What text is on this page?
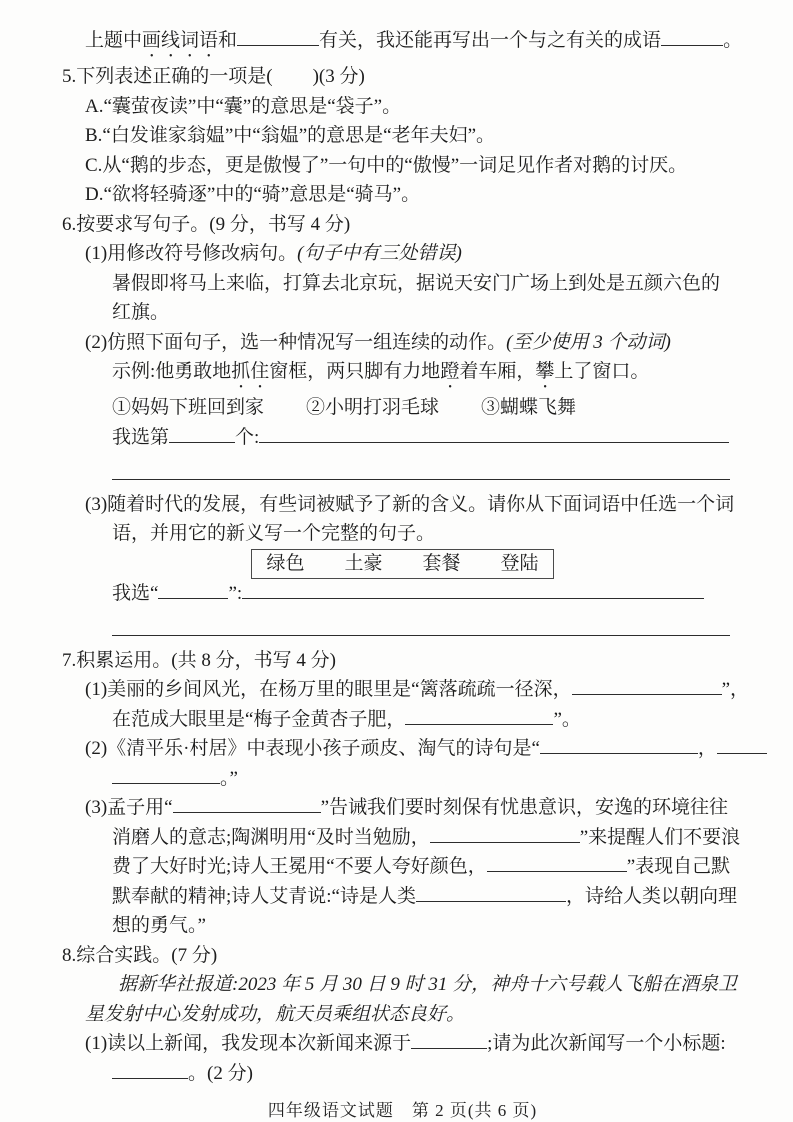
上题中画线词语和	有关，我还能再写出一个与之有关的成语	。
5.下列表述正确的一项是( )(3 分)
A.“囊萤夜读”中“囊”的意思是“袋子”。
B.“白发谁家翁媪”中“翁媪”的意思是“老年夫妇”。
C.从“鹅的步态，更是傲慢了”一句中的“傲慢”一词足见作者对鹅的讨厌。
D.“欲将轻骑逐”中的“骑”意思是“骑马”。
6.按要求写句子。(9 分，书写 4 分)
(1)用修改符号修改病句。(句子中有三处错误)
暑假即将马上来临，打算去北京玩，据说天安门广场上到处是五颜六色的
红旗。
(2)仿照下面句子，选一种情况写一组连续的动作。(至少使用 3 个动词)
示例:他勇敢地抓住窗框，两只脚有力地蹬着车厢，攀上了窗口。
①妈妈下班回到家 ②小明打羽毛球 ③蝴蝶飞舞
我选第	个:
(3)随着时代的发展，有些词被赋予了新的含义。请你从下面词语中任选一个词
语，并用它的新义写一个完整的句子。
绿色 土豪 套餐 登陆
我选“	”:
7.积累运用。(共 8 分，书写 4 分)
(1)美丽的乡间风光，在杨万里的眼里是“篱落疏疏一径深，	”，
在范成大眼里是“梅子金黄杏子肥，	”。
(2)《清平乐·村居》中表现小孩子顽皮、淘气的诗句是“	，
。”
(3)孟子用“	”告诫我们要时刻保有忧患意识，安逸的环境往往
消磨人的意志;陶渊明用“及时当勉励，	”来提醒人们不要浪
费了大好时光;诗人王冕用“不要人夸好颜色，	”表现自己默
默奉献的精神;诗人艾青说:“诗是人类	，诗给人类以朝向理
想的勇气。”
8.综合实践。(7 分)
据新华社报道:2023 年 5 月 30 日 9 时 31 分，神舟十六号载人飞船在酒泉卫
星发射中心发射成功，航天员乘组状态良好。
(1)读以上新闻，我发现本次新闻来源于	;请为此次新闻写一个小标题:
。(2 分)
四年级语文试题　第 2 页(共 6 页)
